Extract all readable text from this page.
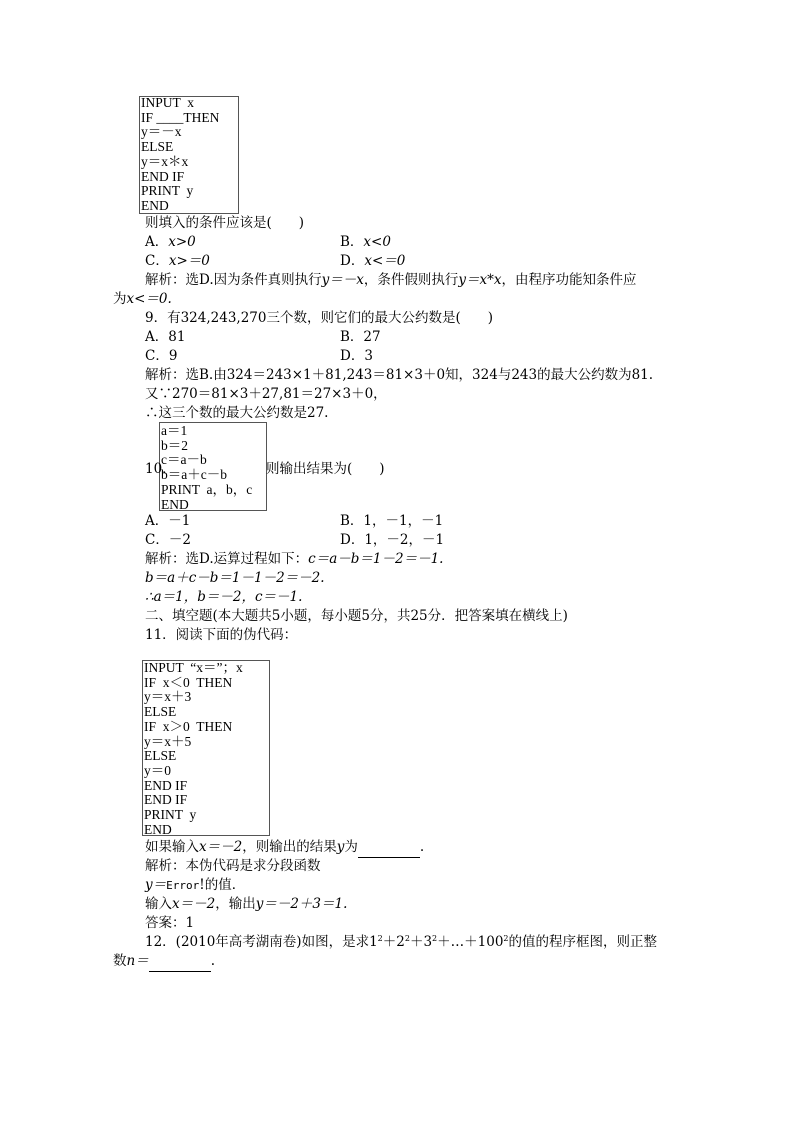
INPUT  x
IF ____THEN
y＝－x
ELSE
y＝x＊x
END IF
PRINT  y
END
则填入的条件应该是(　　)
A．x>0	B．x<0
C．x>＝0	D．x<＝0
解析：选D.因为条件真则执行y＝－x，条件假则执行y＝x*x，由程序功能知条件应
为x<＝0.
9．有324,243,270三个数，则它们的最大公约数是(　　)
A．81	B．27
C．9	D．3
解析：选B.由324＝243×1＋81,243＝81×3＋0知，324与243的最大公约数为81.
又∵270＝81×3＋27,81＝27×3＋0，
∴这三个数的最大公约数是27.
a＝1
b＝2
c＝a－b
b＝a＋c－b
PRINT  a，b，c
END
10．	则输出结果为(　　)
A．－1	B．1，－1，－1
C．－2	D．1，－2，－1
解析：选D.运算过程如下：c＝a－b＝1－2＝－1.
b＝a＋c－b＝1－1－2＝－2.
∴a＝1，b＝－2，c＝－1.
二、填空题(本大题共5小题，每小题5分，共25分．把答案填在横线上)
11．阅读下面的伪代码：
INPUT  “x＝”；x
IF  x＜0  THEN
y＝x＋3
ELSE
IF  x＞0  THEN
y＝x＋5
ELSE
y＝0
END IF
END IF
PRINT  y
END
如果输入x＝－2，则输出的结果y为	.
解析：本伪代码是求分段函数
y＝Error!的值．
输入x＝－2，输出y＝－2＋3＝1.
答案：1
12．(2010年高考湖南卷)如图，是求$1^2+2^2+3^2+\dots+100^2$的值的程序框图，则正整
数n＝	.
